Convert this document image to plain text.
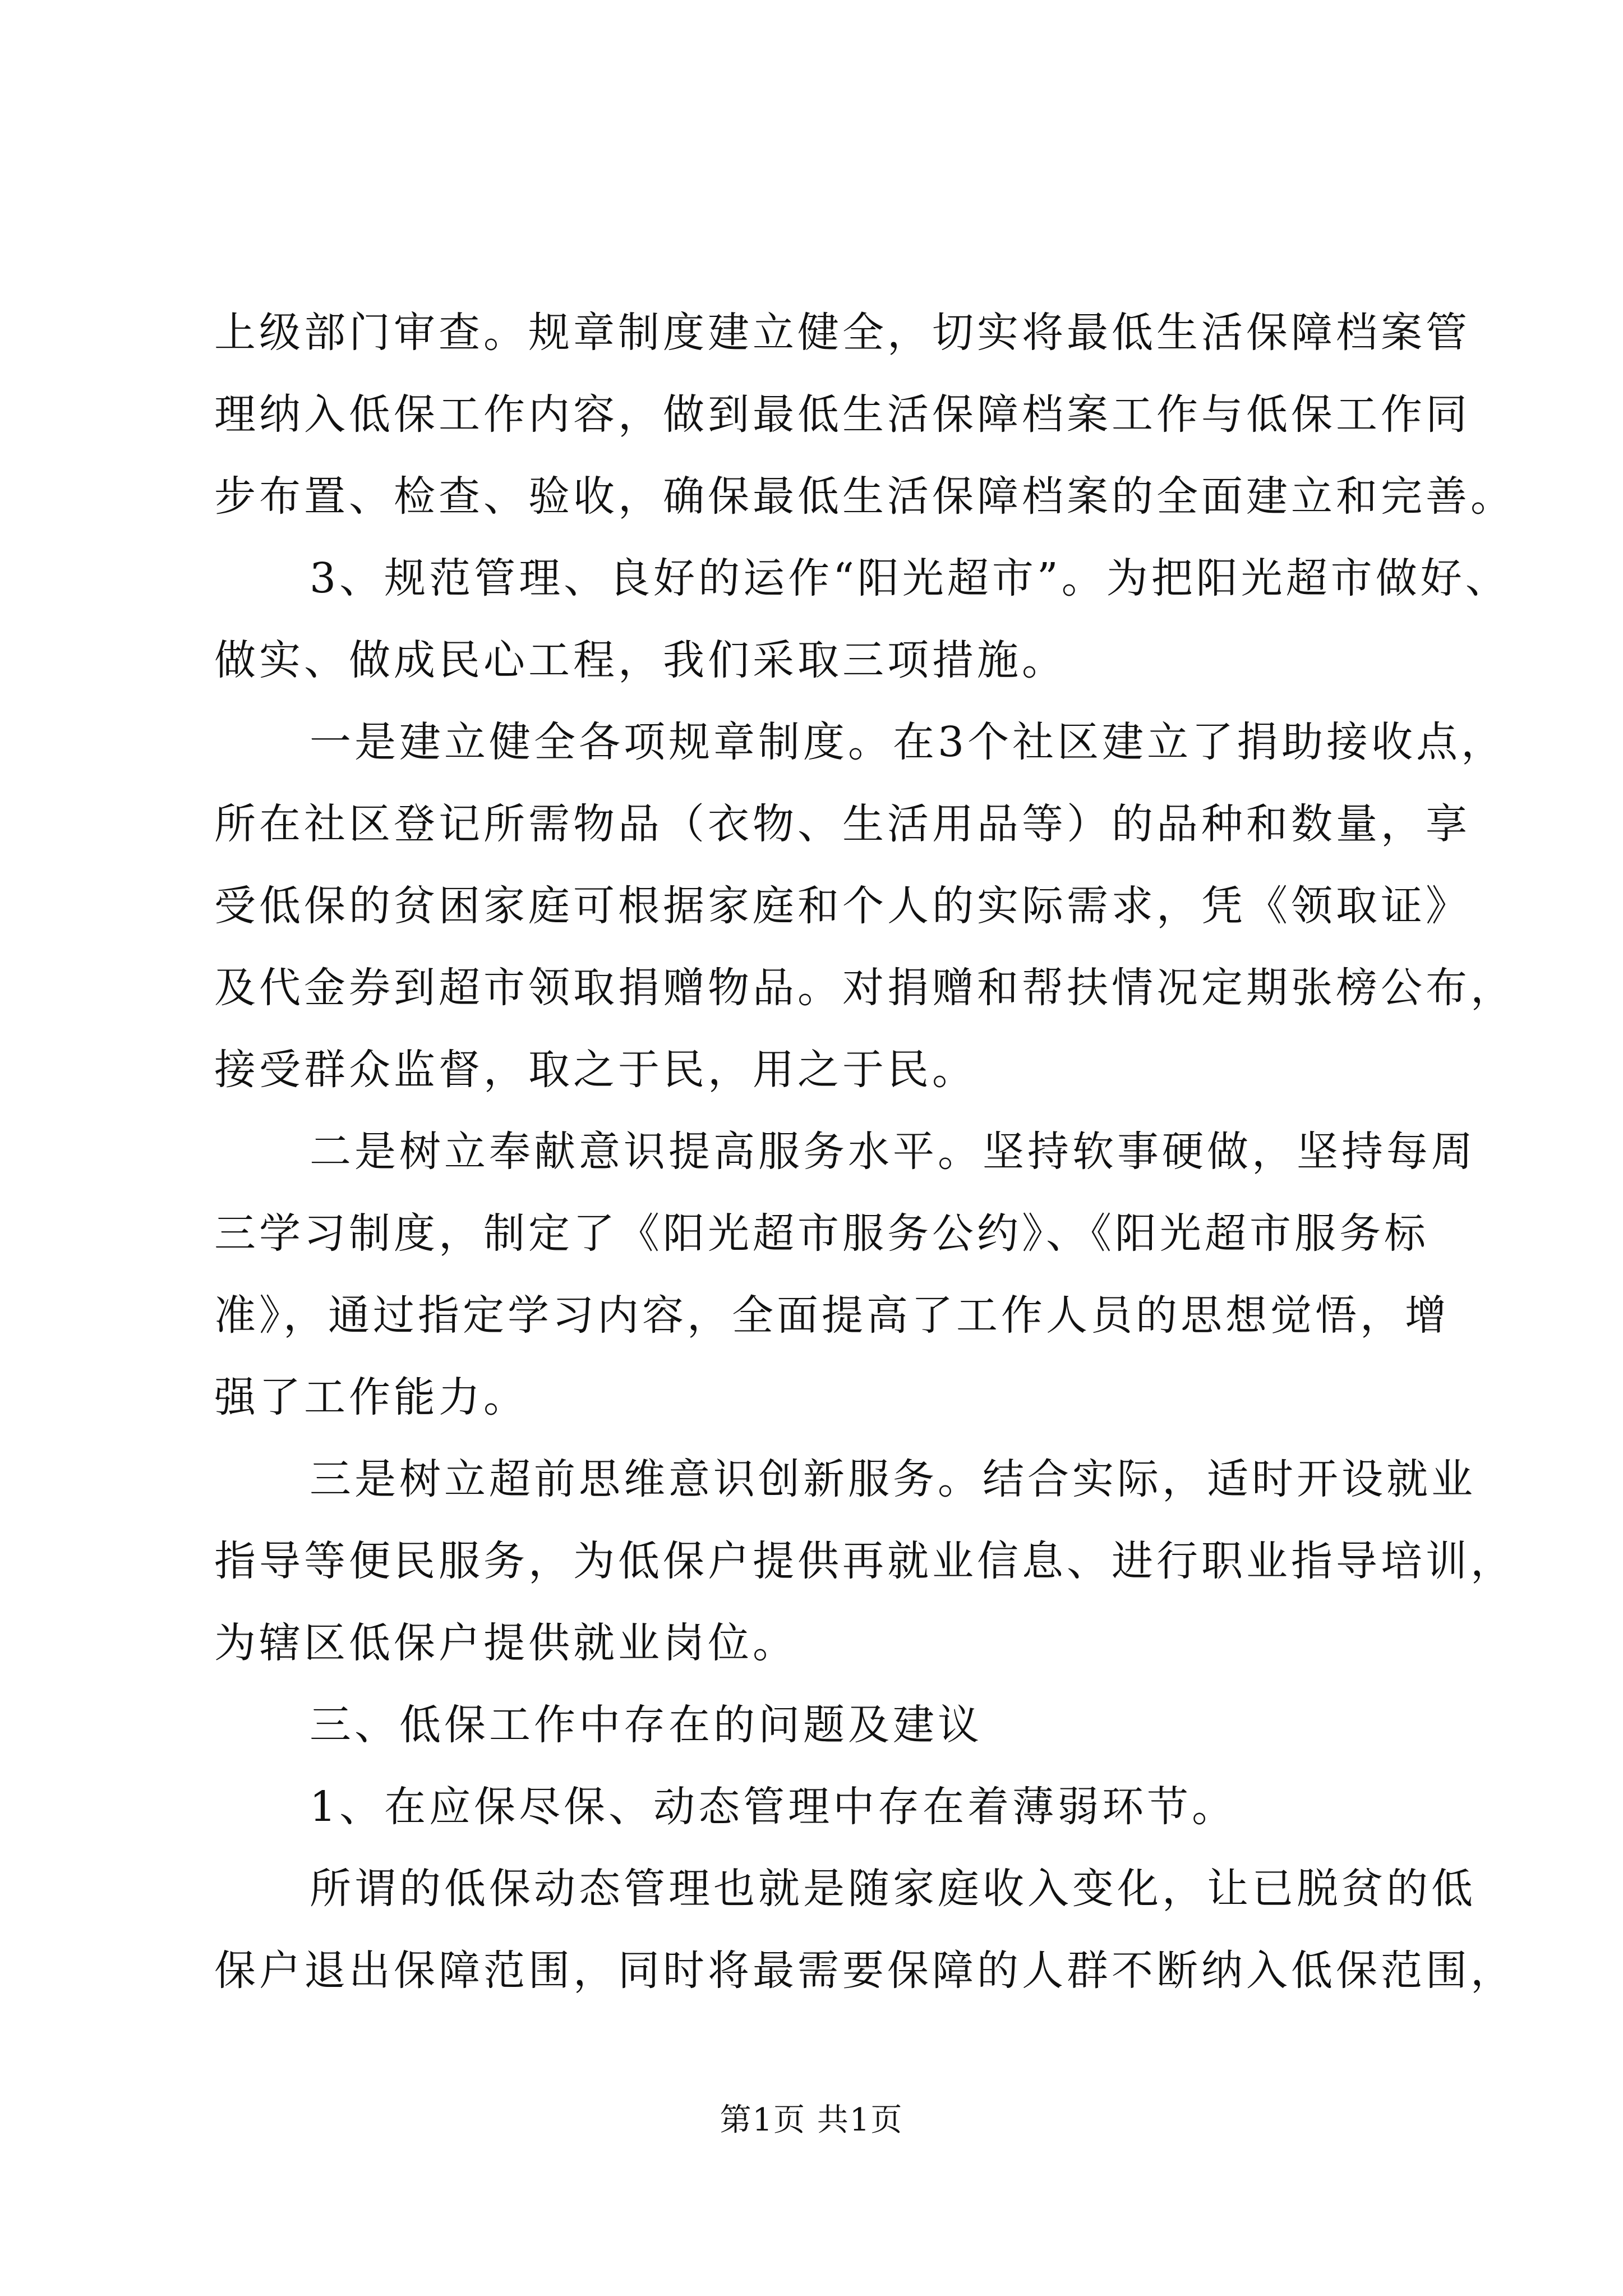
上级部门审查。规章制度建立健全，切实将最低生活保障档案管
理纳入低保工作内容，做到最低生活保障档案工作与低保工作同
步布置、检查、验收，确保最低生活保障档案的全面建立和完善。
3、规范管理、良好的运作“阳光超市”。为把阳光超市做好、
做实、做成民心工程，我们采取三项措施。
一是建立健全各项规章制度。在3个社区建立了捐助接收点，
所在社区登记所需物品（衣物、生活用品等）的品种和数量，享
受低保的贫困家庭可根据家庭和个人的实际需求，凭《领取证》
及代金券到超市领取捐赠物品。对捐赠和帮扶情况定期张榜公布，
接受群众监督，取之于民，用之于民。
二是树立奉献意识提高服务水平。坚持软事硬做，坚持每周
三学习制度，制定了《阳光超市服务公约》、《阳光超市服务标
准》，通过指定学习内容，全面提高了工作人员的思想觉悟，增
强了工作能力。
三是树立超前思维意识创新服务。结合实际，适时开设就业
指导等便民服务，为低保户提供再就业信息、进行职业指导培训，
为辖区低保户提供就业岗位。
三、低保工作中存在的问题及建议
1、在应保尽保、动态管理中存在着薄弱环节。
所谓的低保动态管理也就是随家庭收入变化，让已脱贫的低
保户退出保障范围，同时将最需要保障的人群不断纳入低保范围，
第1页 共1页
